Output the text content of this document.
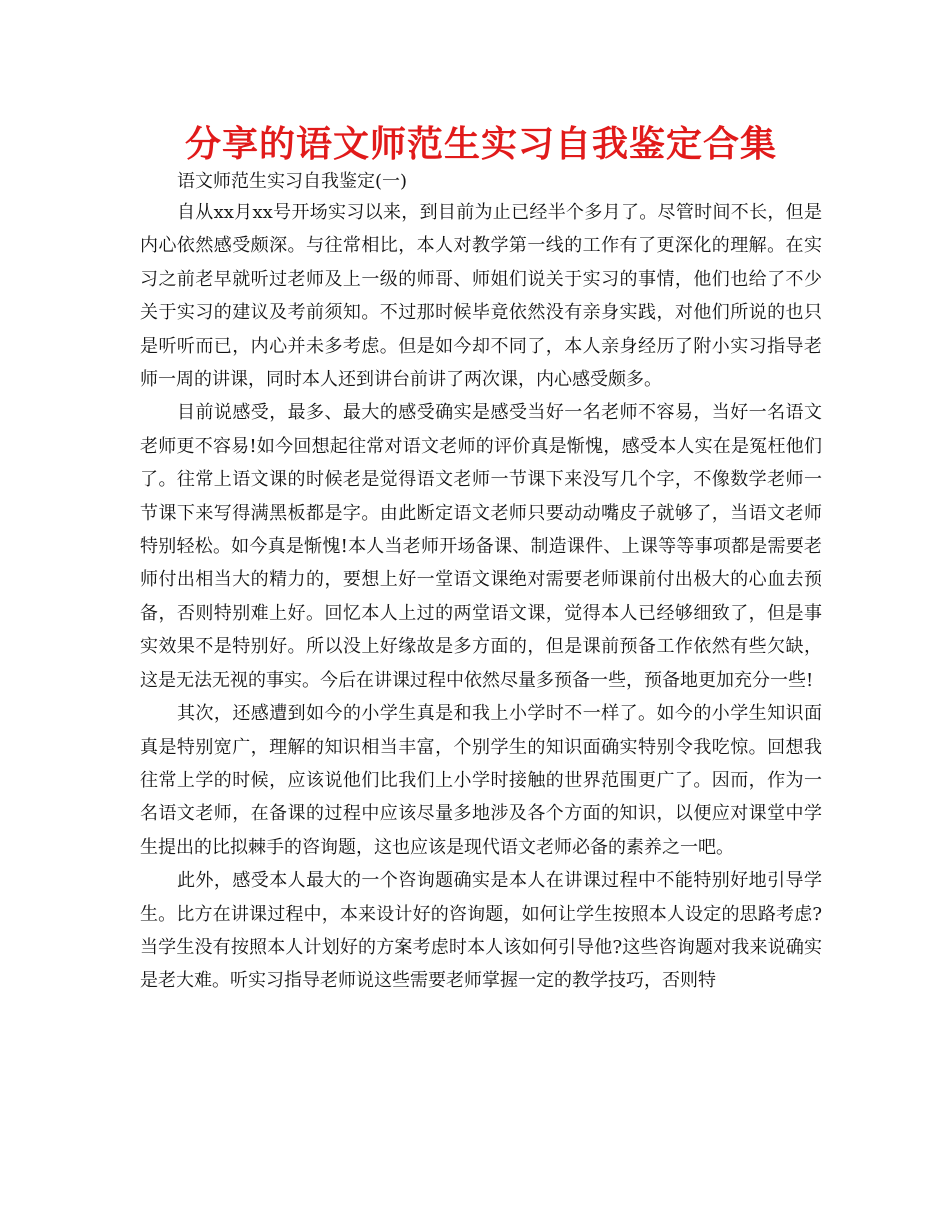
分享的语文师范生实习自我鉴定合集

语文师范生实习自我鉴定(一)

自从xx月xx号开场实习以来，到目前为止已经半个多月了。尽管时间不长，但是内心依然感受颇深。与往常相比，本人对教学第一线的工作有了更深化的理解。在实习之前老早就听过老师及上一级的师哥、师姐们说关于实习的事情，他们也给了不少关于实习的建议及考前须知。不过那时候毕竟依然没有亲身实践，对他们所说的也只是听听而已，内心并未多考虑。但是如今却不同了，本人亲身经历了附小实习指导老师一周的讲课，同时本人还到讲台前讲了两次课，内心感受颇多。

目前说感受，最多、最大的感受确实是感受当好一名老师不容易，当好一名语文老师更不容易!如今回想起往常对语文老师的评价真是惭愧，感受本人实在是冤枉他们了。往常上语文课的时候老是觉得语文老师一节课下来没写几个字，不像数学老师一节课下来写得满黑板都是字。由此断定语文老师只要动动嘴皮子就够了，当语文老师特别轻松。如今真是惭愧!本人当老师开场备课、制造课件、上课等等事项都是需要老师付出相当大的精力的，要想上好一堂语文课绝对需要老师课前付出极大的心血去预备，否则特别难上好。回忆本人上过的两堂语文课，觉得本人已经够细致了，但是事实效果不是特别好。所以没上好缘故是多方面的，但是课前预备工作依然有些欠缺，这是无法无视的事实。今后在讲课过程中依然尽量多预备一些，预备地更加充分一些!

其次，还感遭到如今的小学生真是和我上小学时不一样了。如今的小学生知识面真是特别宽广，理解的知识相当丰富，个别学生的知识面确实特别令我吃惊。回想我往常上学的时候，应该说他们比我们上小学时接触的世界范围更广了。因而，作为一名语文老师，在备课的过程中应该尽量多地涉及各个方面的知识，以便应对课堂中学生提出的比拟棘手的咨询题，这也应该是现代语文老师必备的素养之一吧。

此外，感受本人最大的一个咨询题确实是本人在讲课过程中不能特别好地引导学生。比方在讲课过程中，本来设计好的咨询题，如何让学生按照本人设定的思路考虑?当学生没有按照本人计划好的方案考虑时本人该如何引导他?这些咨询题对我来说确实是老大难。听实习指导老师说这些需要老师掌握一定的教学技巧，否则特
